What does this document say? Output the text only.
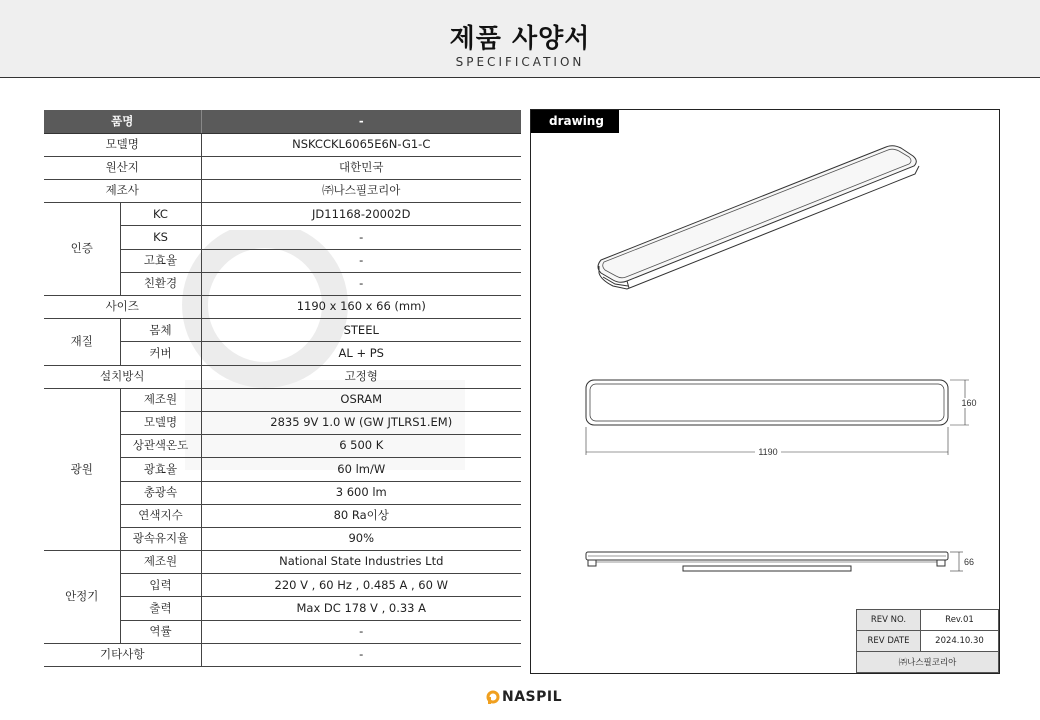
제품 사양서
SPECIFICATION
품명		-
모델명		NSKCCKL6065E6N-G1-C
원산지		대한민국
제조사		㈜나스필코리아
인증	KC	JD11168-20002D
	KS	-
	고효율	-
	친환경	-
사이즈		1190 x 160 x 66 (mm)
재질	몸체	STEEL
	커버	AL + PS
설치방식		고정형
광원	제조원	OSRAM
	모델명	2835 9V 1.0 W (GW JTLRS1.EM)
	상관색온도	6 500 K
	광효율	60 lm/W
	총광속	3 600 lm
	연색지수	80 Ra이상
	광속유지율	90%
안정기	제조원	National State Industries Ltd
	입력	220 V , 60 Hz , 0.485 A , 60 W
	출력	Max DC 178 V , 0.33 A
	역률	-
기타사항		-
1190
160
66
drawing
REV NO.	Rev.01
REV DATE	2024.10.30
㈜나스필코리아	
NASPIL
